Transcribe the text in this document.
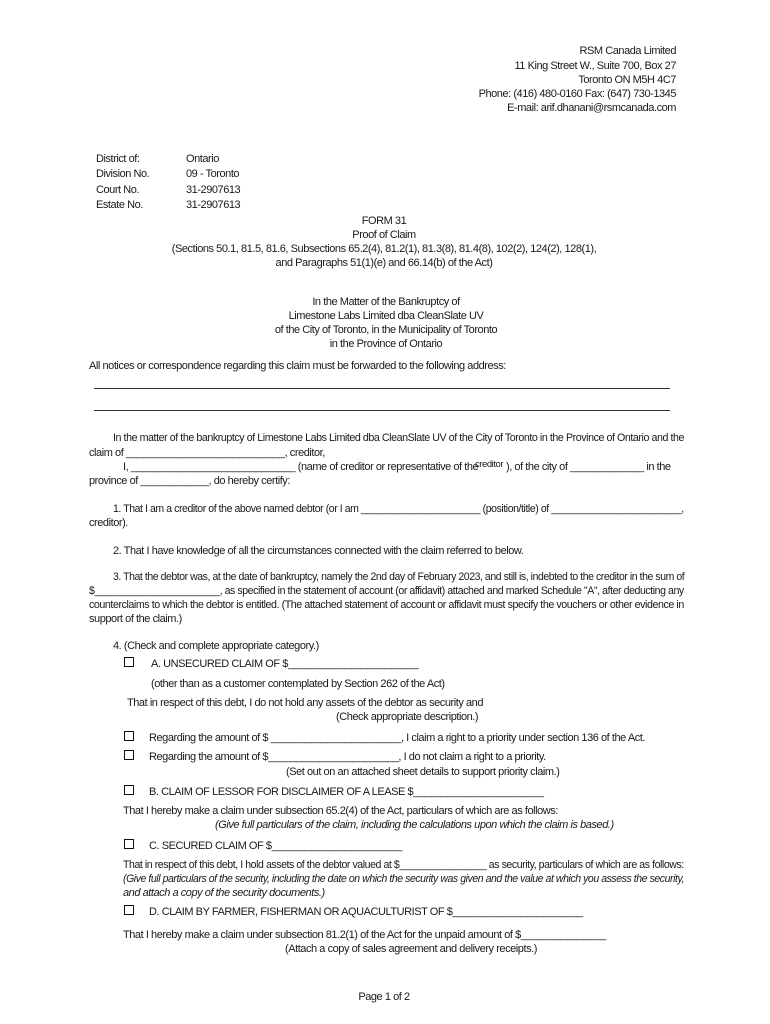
RSM Canada Limited
11 King Street W., Suite 700, Box 27
Toronto ON M5H 4C7
Phone: (416) 480-0160 Fax: (647) 730-1345
E-mail: arif.dhanani@rsmcanada.com
District of:	Ontario
Division No.	09 - Toronto
Court No.	31-2907613
Estate No.	31-2907613
FORM 31
Proof of Claim
(Sections 50.1, 81.5, 81.6, Subsections 65.2(4), 81.2(1), 81.3(8), 81.4(8), 102(2), 124(2), 128(1),
and Paragraphs 51(1)(e) and 66.14(b) of the Act)
In the Matter of the Bankruptcy of
Limestone Labs Limited dba CleanSlate UV
of the City of Toronto, in the Municipality of Toronto
in the Province of Ontario
All notices or correspondence regarding this claim must be forwarded to the following address:
In the matter of the bankruptcy of Limestone Labs Limited dba CleanSlate UV of the City of Toronto in the Province of Ontario and the
claim of ____________________________, creditor,
I, _____________________________ (name of creditor or representative of the
creditor ), of the city of _____________ in the
province of ____________, do hereby certify:
1. That I am a creditor of the above named debtor (or I am ______________________ (position/title) of ________________________,
creditor).
2. That I have knowledge of all the circumstances connected with the claim referred to below.
3. That the debtor was, at the date of bankruptcy, namely the 2nd day of February 2023, and still is, indebted to the creditor in the sum of
$_______________________, as specified in the statement of account (or affidavit) attached and marked Schedule "A", after deducting any
counterclaims to which the debtor is entitled. (The attached statement of account or affidavit must specify the vouchers or other evidence in
support of the claim.)
4. (Check and complete appropriate category.)
A. UNSECURED CLAIM OF $_______________________
(other than as a customer contemplated by Section 262 of the Act)
That in respect of this debt, I do not hold any assets of the debtor as security and
(Check appropriate description.)
Regarding the amount of $ _______________________, I claim a right to a priority under section 136 of the Act.
Regarding the amount of $_______________________, I do not claim a right to a priority.
(Set out on an attached sheet details to support priority claim.)
B. CLAIM OF LESSOR FOR DISCLAIMER OF A LEASE $_______________________
That I hereby make a claim under subsection 65.2(4) of the Act, particulars of which are as follows:
(Give full particulars of the claim, including the calculations upon which the claim is based.)
C. SECURED CLAIM OF $_______________________
That in respect of this debt, I hold assets of the debtor valued at $________________ as security, particulars of which are as follows:
(Give full particulars of the security, including the date on which the security was given and the value at which you assess the security,
and attach a copy of the security documents.)
D. CLAIM BY FARMER, FISHERMAN OR AQUACULTURIST OF $_______________________
That I hereby make a claim under subsection 81.2(1) of the Act for the unpaid amount of $_______________
(Attach a copy of sales agreement and delivery receipts.)
Page 1 of 2
